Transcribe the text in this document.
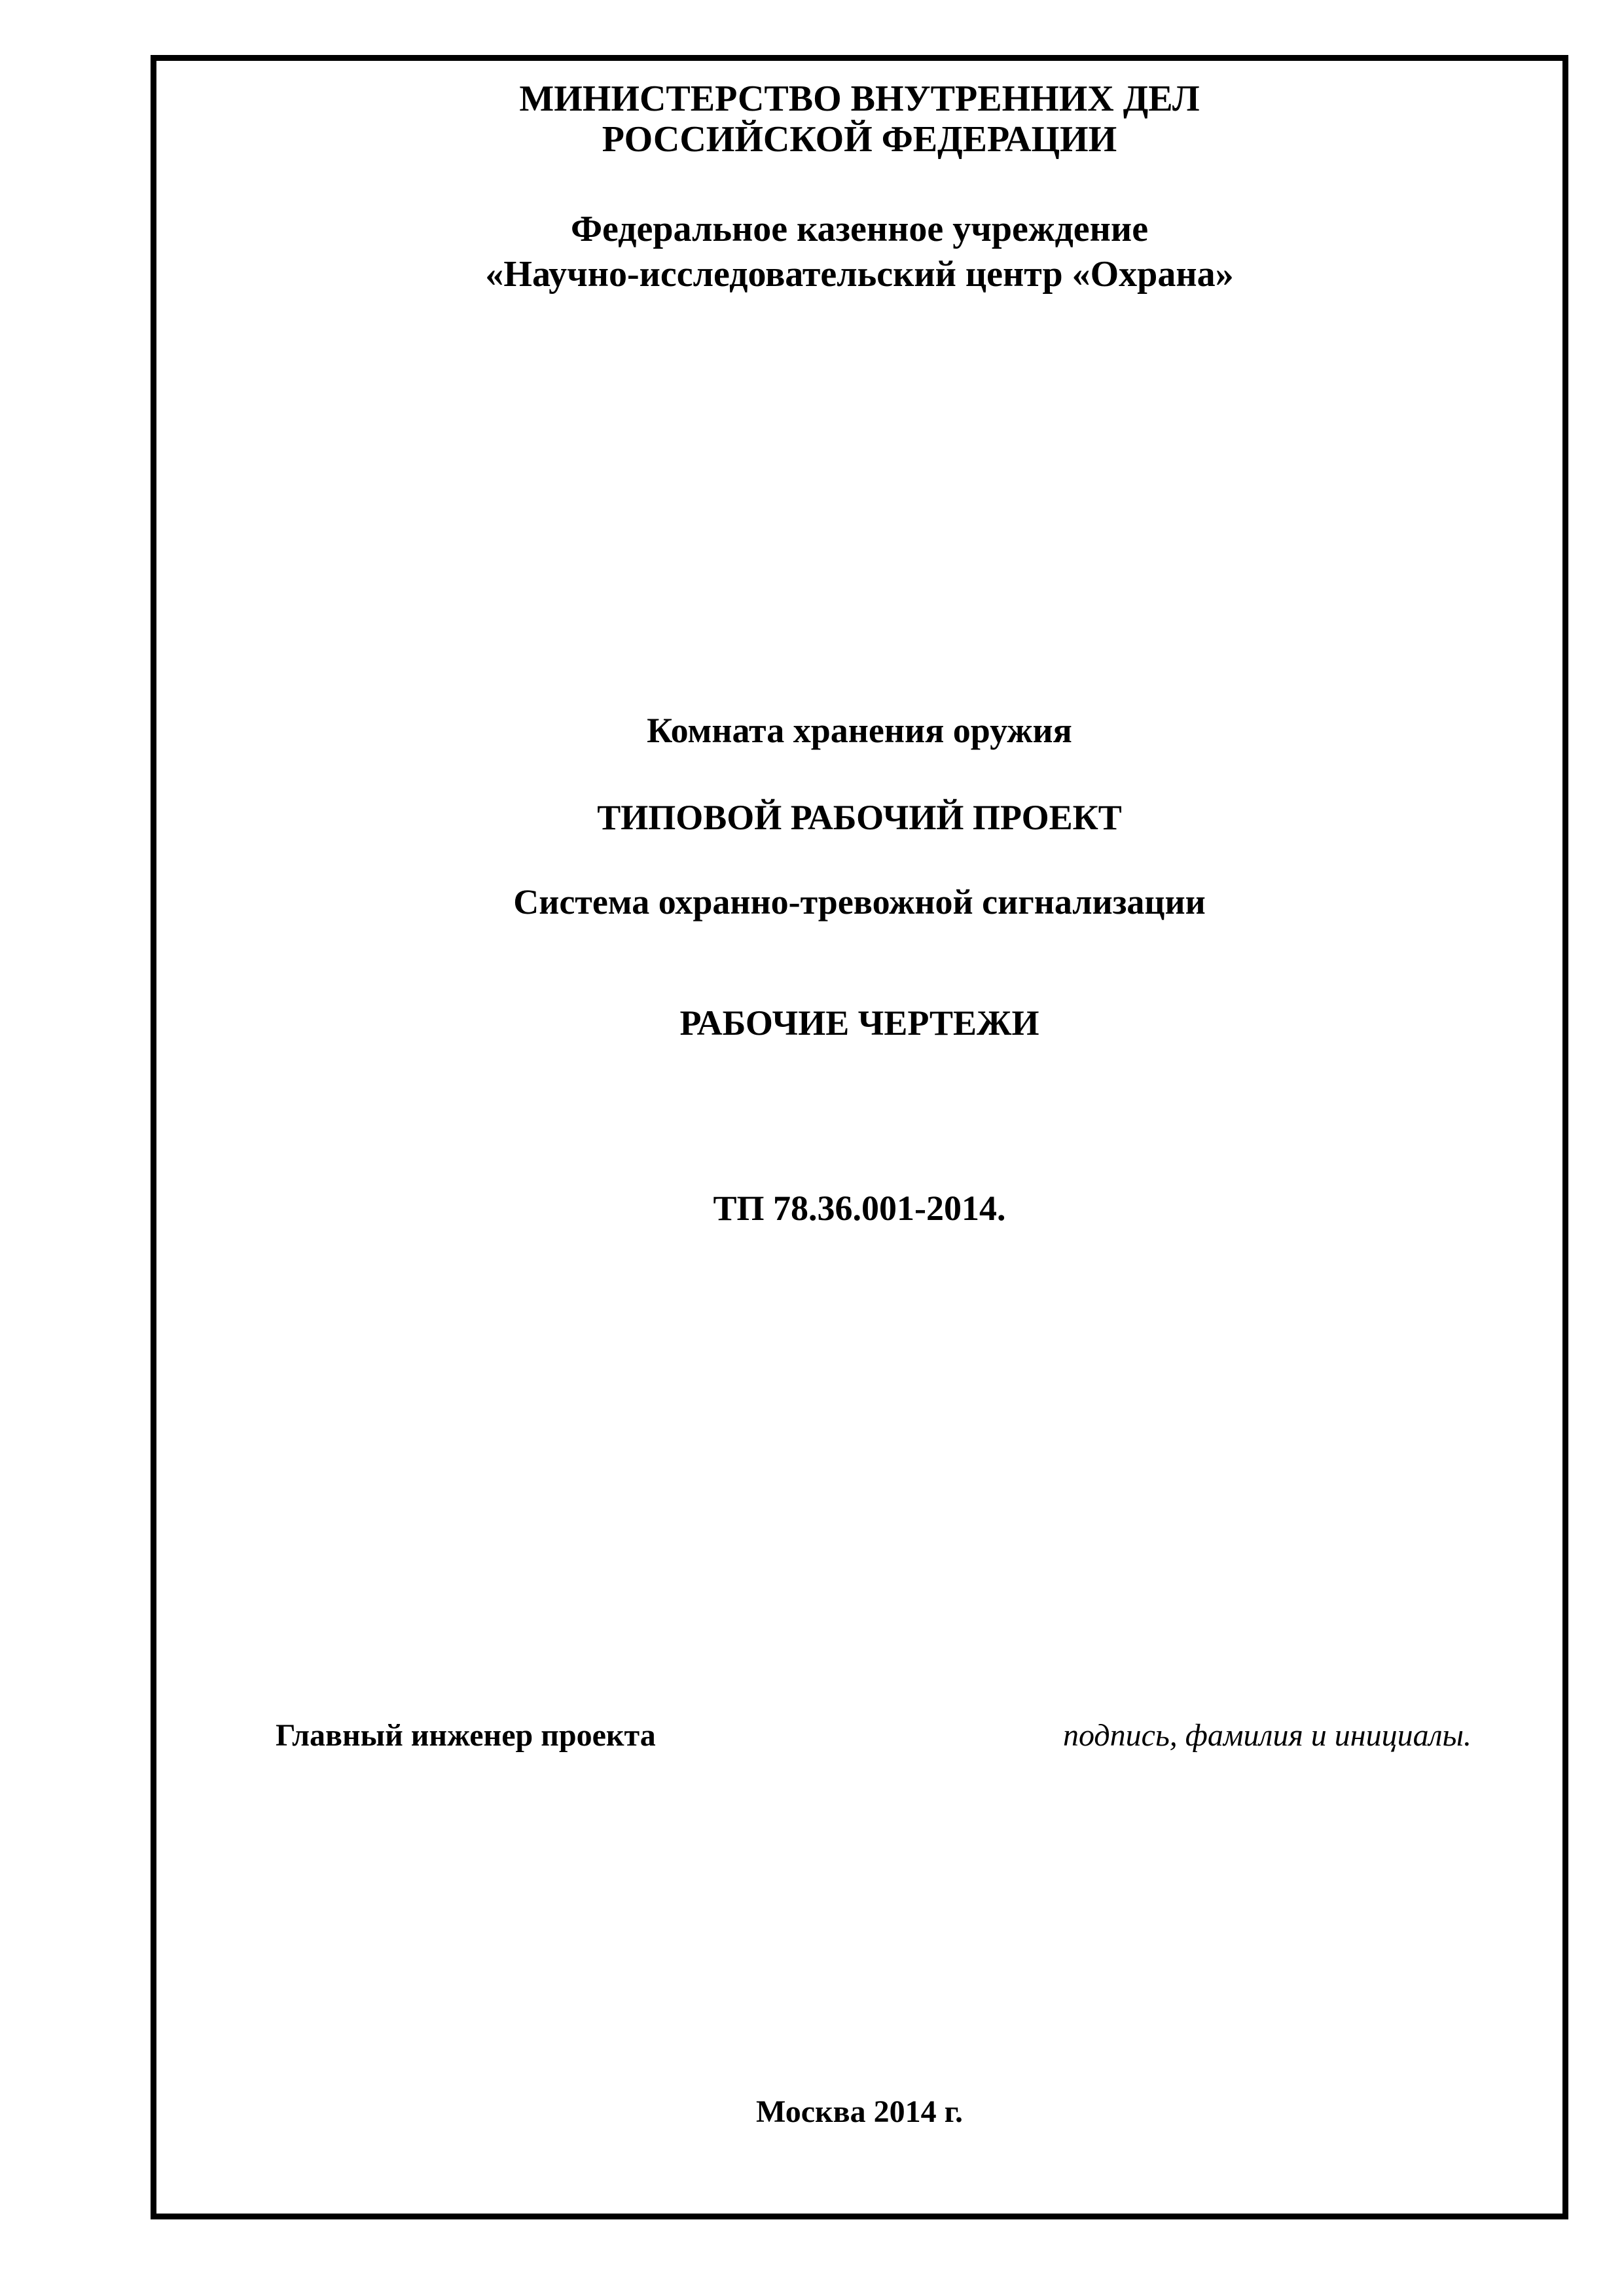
МИНИСТЕРСТВО ВНУТРЕННИХ ДЕЛ
РОССИЙСКОЙ ФЕДЕРАЦИИ
Федеральное казенное учреждение
«Научно-исследовательский центр «Охрана»
Комната хранения оружия
ТИПОВОЙ РАБОЧИЙ ПРОЕКТ
Система охранно-тревожной сигнализации
РАБОЧИЕ ЧЕРТЕЖИ
ТП 78.36.001-2014.
Главный инженер проекта	подпись, фамилия и инициалы.
Москва 2014 г.
